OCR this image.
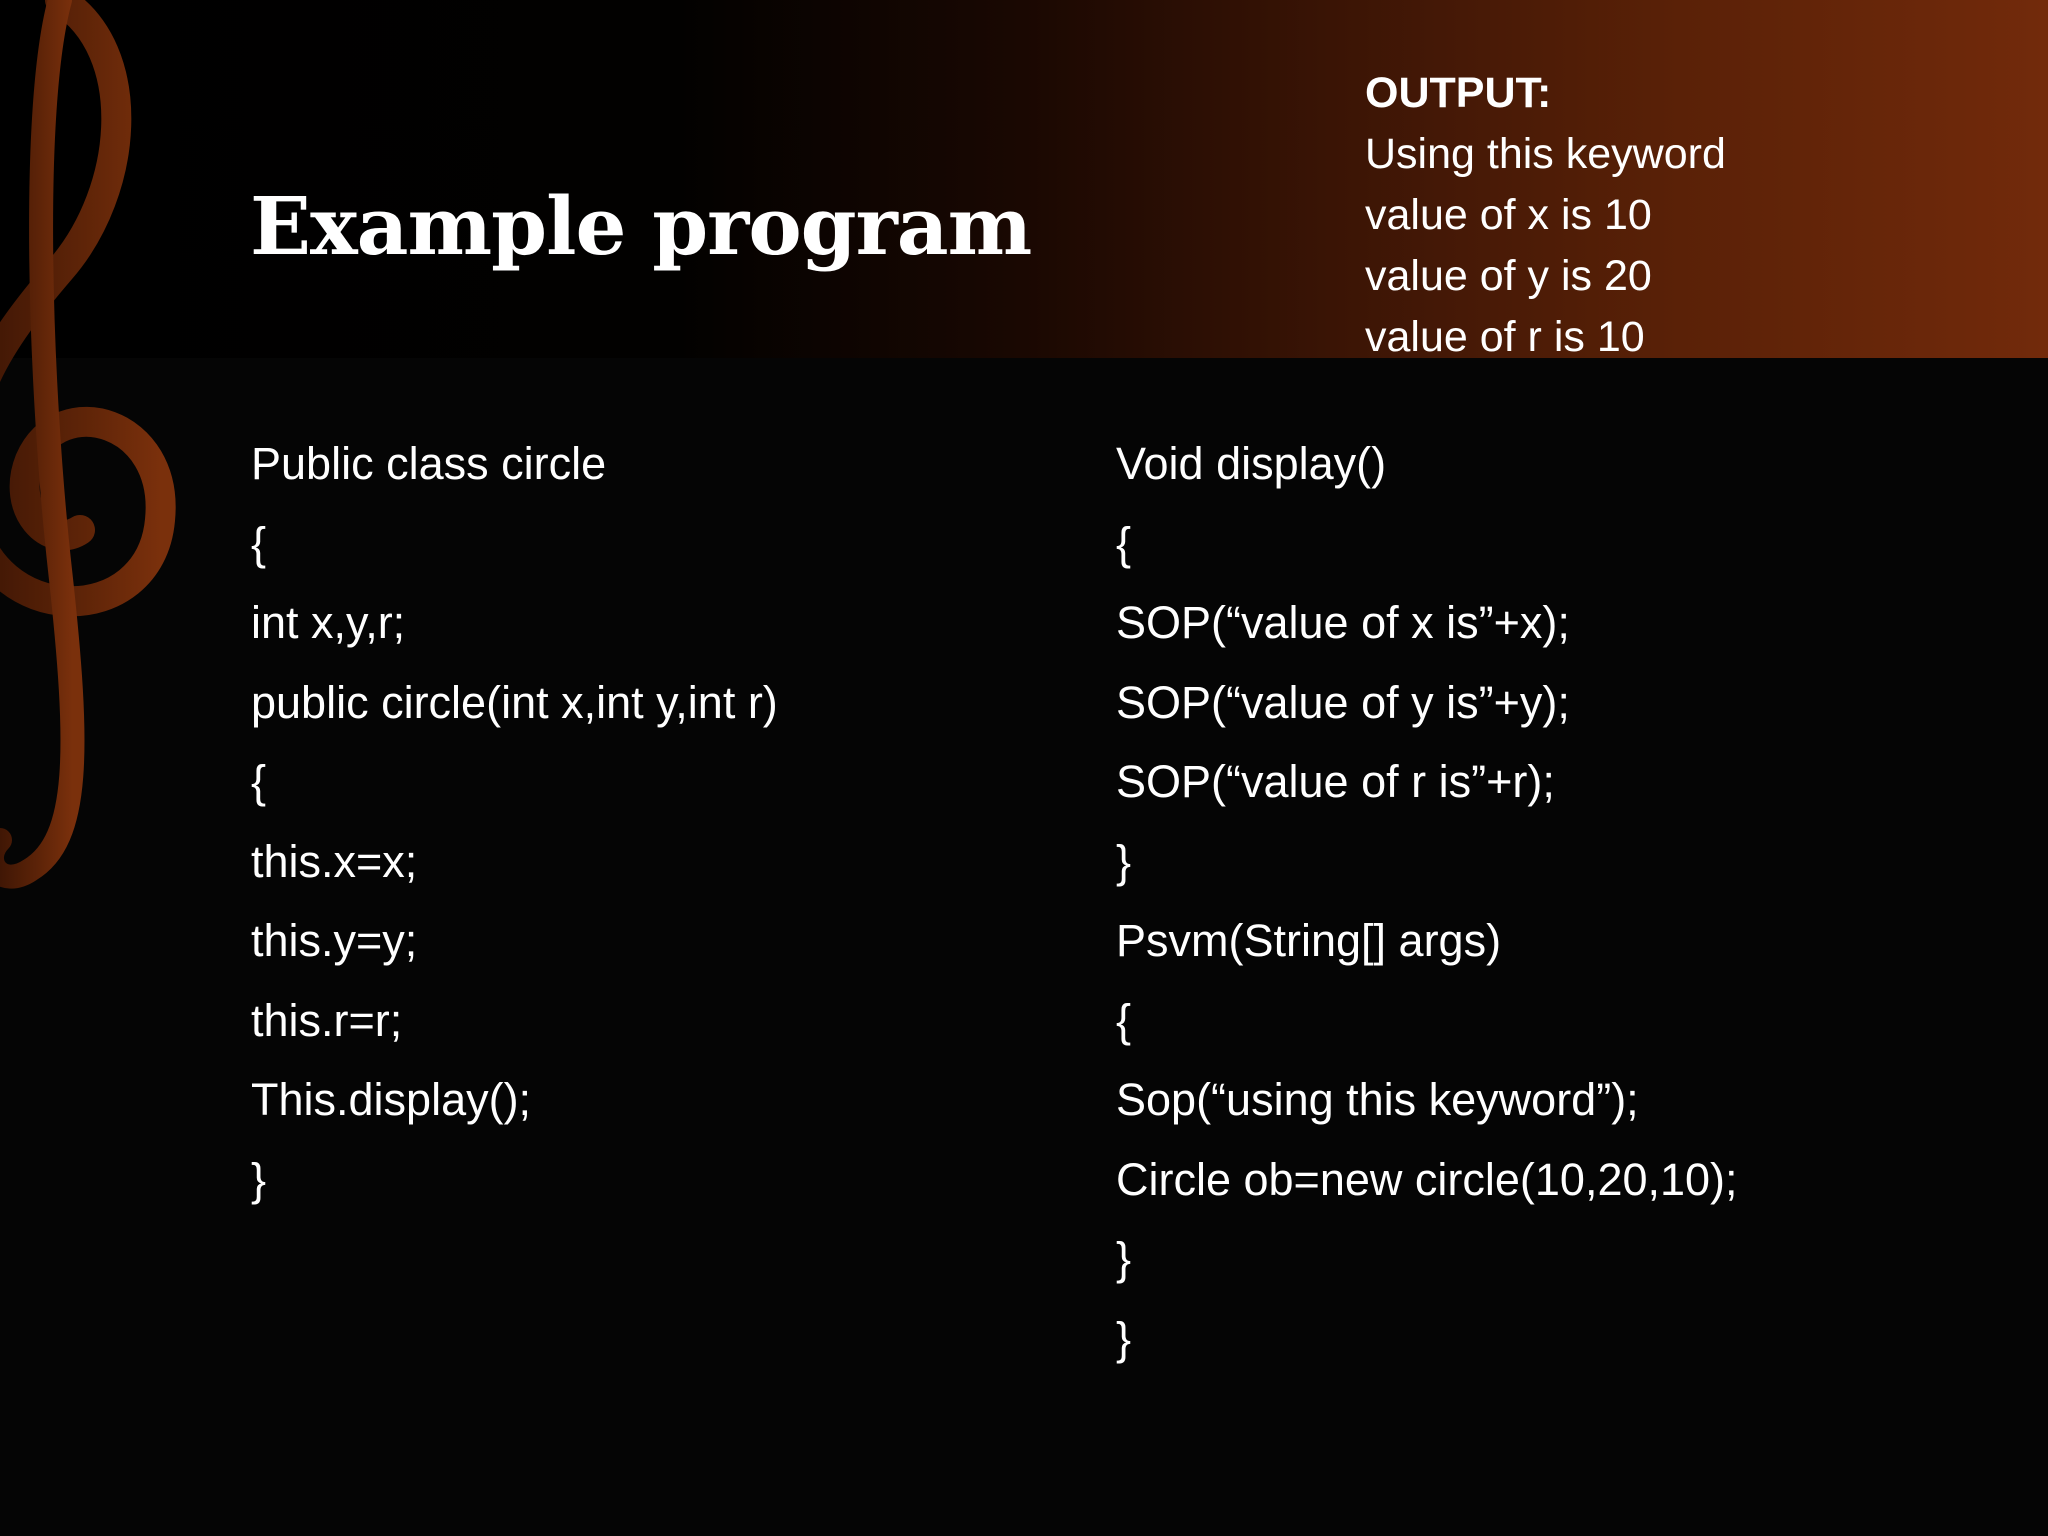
Example program
OUTPUT:
Using this keyword
value of x is 10
value of y is 20
value of r is 10
Public class circle
{
int x,y,r;
public circle(int x,int y,int r)
{
this.x=x;
this.y=y;
this.r=r;
This.display();
}
Void display()
{
SOP(“value of x is”+x);
SOP(“value of y is”+y);
SOP(“value of r is”+r);
}
Psvm(String[] args)
{
Sop(“using this keyword”);
Circle ob=new circle(10,20,10);
}
}
